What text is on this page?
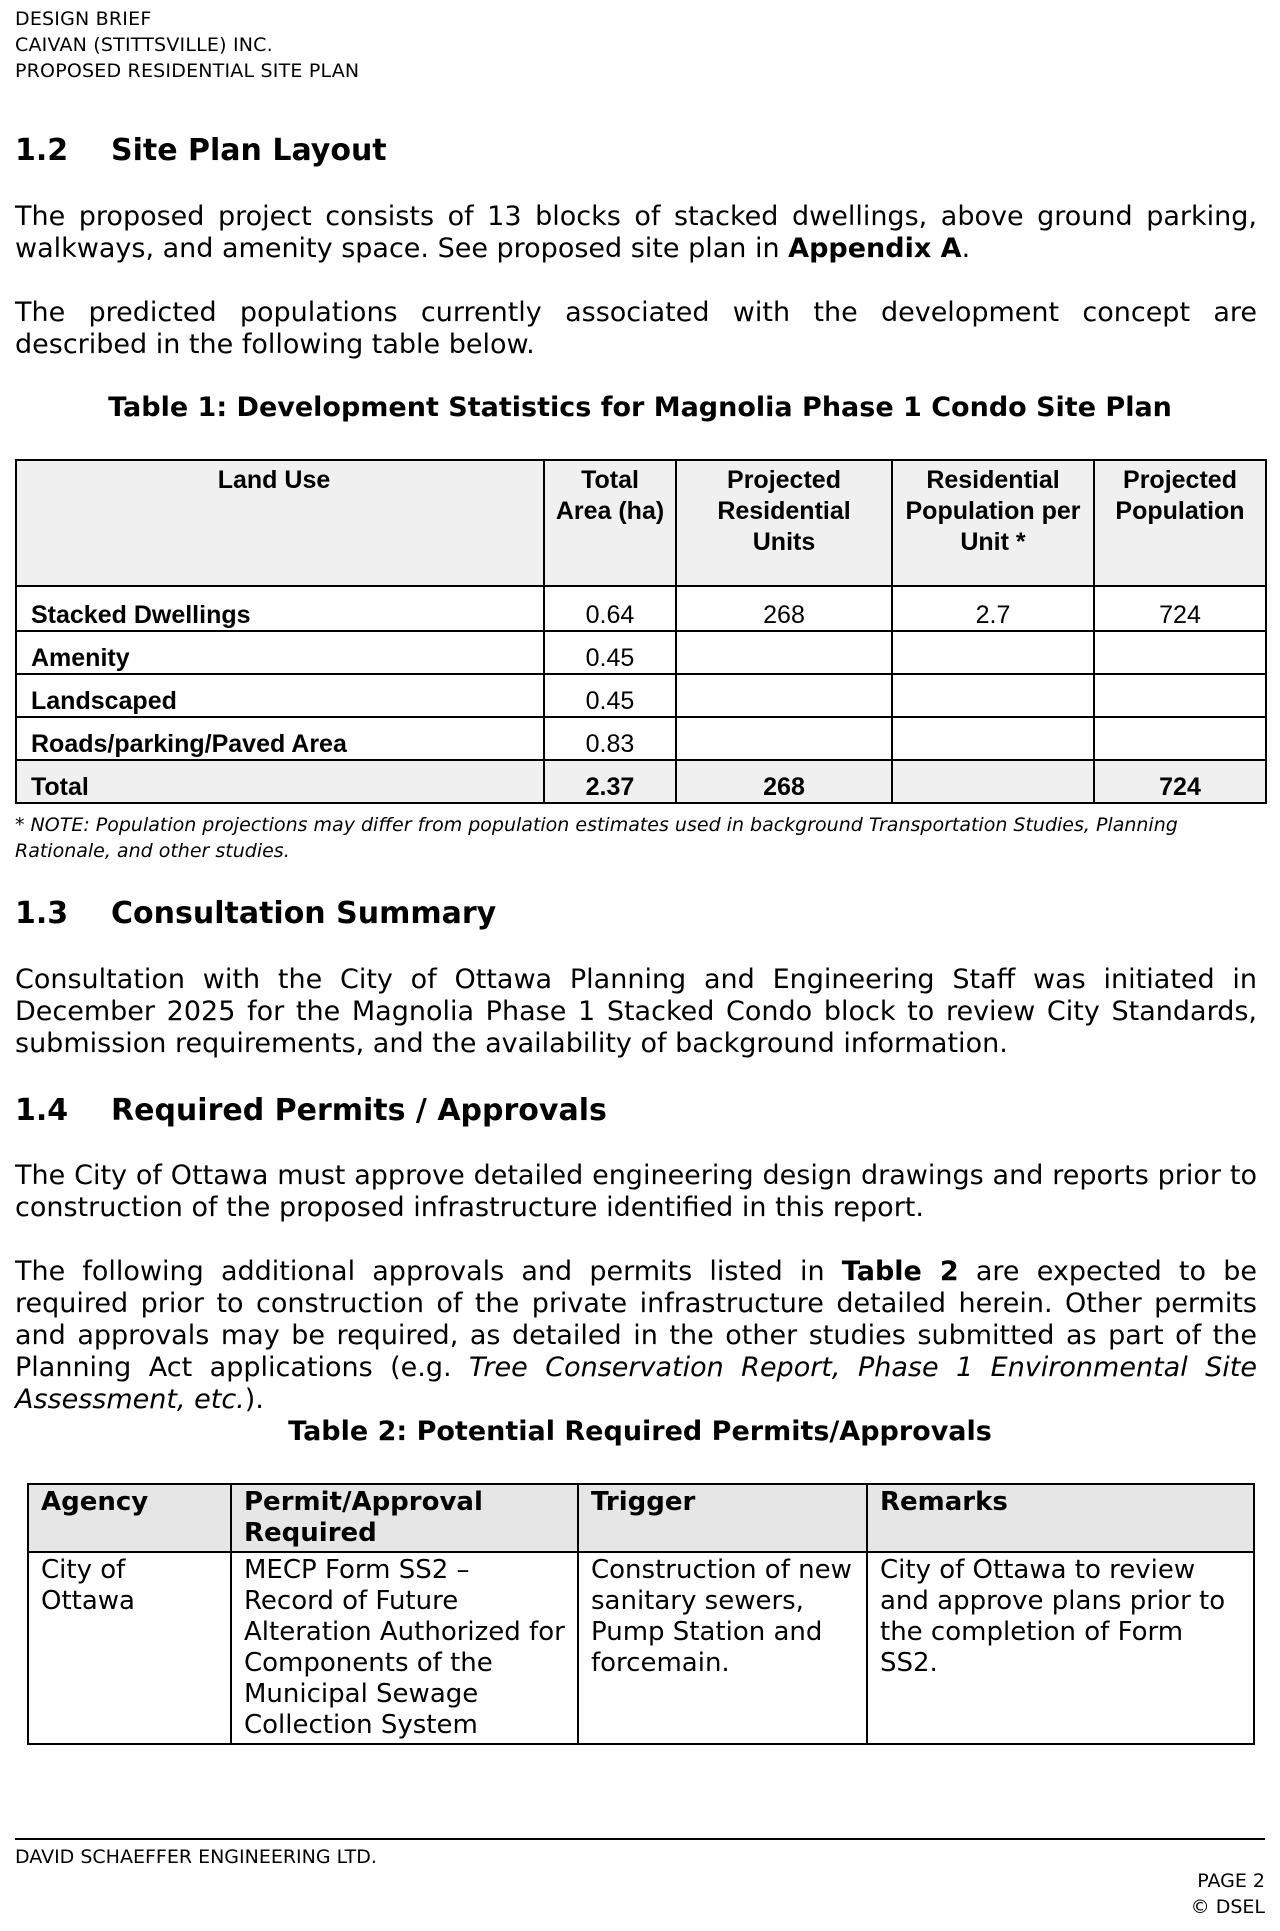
DESIGN BRIEF
CAIVAN (STITTSVILLE) INC.
PROPOSED RESIDENTIAL SITE PLAN
1.2 Site Plan Layout

The proposed project consists of 13 blocks of stacked dwellings, above ground parking, walkways, and amenity space. See proposed site plan in Appendix A.

The predicted populations currently associated with the development concept are described in the following table below.

Table 1: Development Statistics for Magnolia Phase 1 Condo Site Plan
Land Use	Total Area (ha)	Projected Residential Units	Residential Population per Unit *	Projected Population
Stacked Dwellings	0.64	268	2.7	724
Amenity	0.45			
Landscaped	0.45			
Roads/parking/Paved Area	0.83			
Total	2.37	268		724
* NOTE: Population projections may differ from population estimates used in background Transportation Studies, Planning Rationale, and other studies.
1.3 Consultation Summary

Consultation with the City of Ottawa Planning and Engineering Staff was initiated in December 2025 for the Magnolia Phase 1 Stacked Condo block to review City Standards, submission requirements, and the availability of background information.

1.4 Required Permits / Approvals

The City of Ottawa must approve detailed engineering design drawings and reports prior to construction of the proposed infrastructure identified in this report.

The following additional approvals and permits listed in Table 2 are expected to be required prior to construction of the private infrastructure detailed herein. Other permits and approvals may be required, as detailed in the other studies submitted as part of the Planning Act applications (e.g. Tree Conservation Report, Phase 1 Environmental Site Assessment, etc.).

Table 2: Potential Required Permits/Approvals
Agency	Permit/Approval Required	Trigger	Remarks
City of Ottawa	MECP Form SS2 – Record of Future Alteration Authorized for Components of the Municipal Sewage Collection System	Construction of new sanitary sewers, Pump Station and forcemain.	City of Ottawa to review and approve plans prior to the completion of Form SS2.
DAVID SCHAEFFER ENGINEERING LTD.
PAGE 2
© DSEL
